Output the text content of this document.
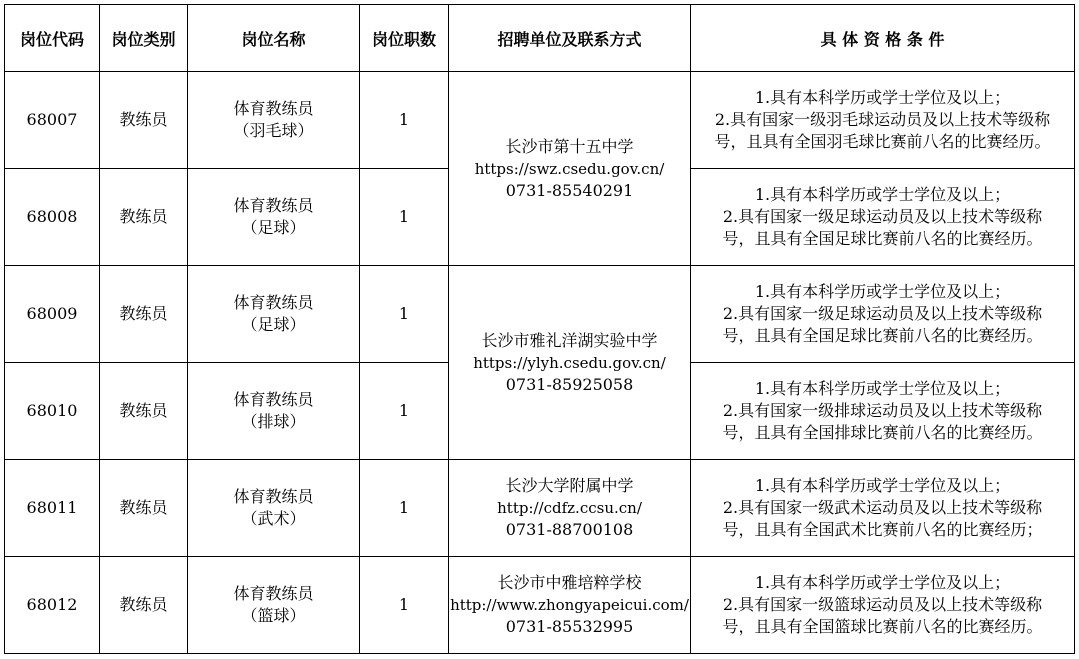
岗位代码	岗位类别	岗位名称	岗位职数	招聘单位及联系方式	具 体 资 格 条 件
68007	教练员	体育教练员
（羽毛球）	1	长沙市第十五中学
https://swz.csedu.gov.cn/
0731-85540291	1.具有本科学历或学士学位及以上；
2.具有国家一级羽毛球运动员及以上技术等级称
号，且具有全国羽毛球比赛前八名的比赛经历。

68008	教练员	体育教练员
（足球）	1		1.具有本科学历或学士学位及以上；
2.具有国家一级足球运动员及以上技术等级称
号，且具有全国足球比赛前八名的比赛经历。

68009	教练员	体育教练员
（足球）	1	长沙市雅礼洋湖实验中学
https://ylyh.csedu.gov.cn/
0731-85925058	1.具有本科学历或学士学位及以上；
2.具有国家一级足球运动员及以上技术等级称
号，且具有全国足球比赛前八名的比赛经历。

68010	教练员	体育教练员
（排球）	1		1.具有本科学历或学士学位及以上；
2.具有国家一级排球运动员及以上技术等级称
号，且具有全国排球比赛前八名的比赛经历。

68011	教练员	体育教练员
（武术）	1	长沙大学附属中学
http://cdfz.ccsu.cn/
0731-88700108	1.具有本科学历或学士学位及以上；
2.具有国家一级武术运动员及以上技术等级称
号，且具有全国武术比赛前八名的比赛经历；

68012	教练员	体育教练员
（篮球）	1	长沙市中雅培粹学校
http://www.zhongyapeicui.com/
0731-85532995	1.具有本科学历或学士学位及以上；
2.具有国家一级篮球运动员及以上技术等级称
号，且具有全国篮球比赛前八名的比赛经历。
